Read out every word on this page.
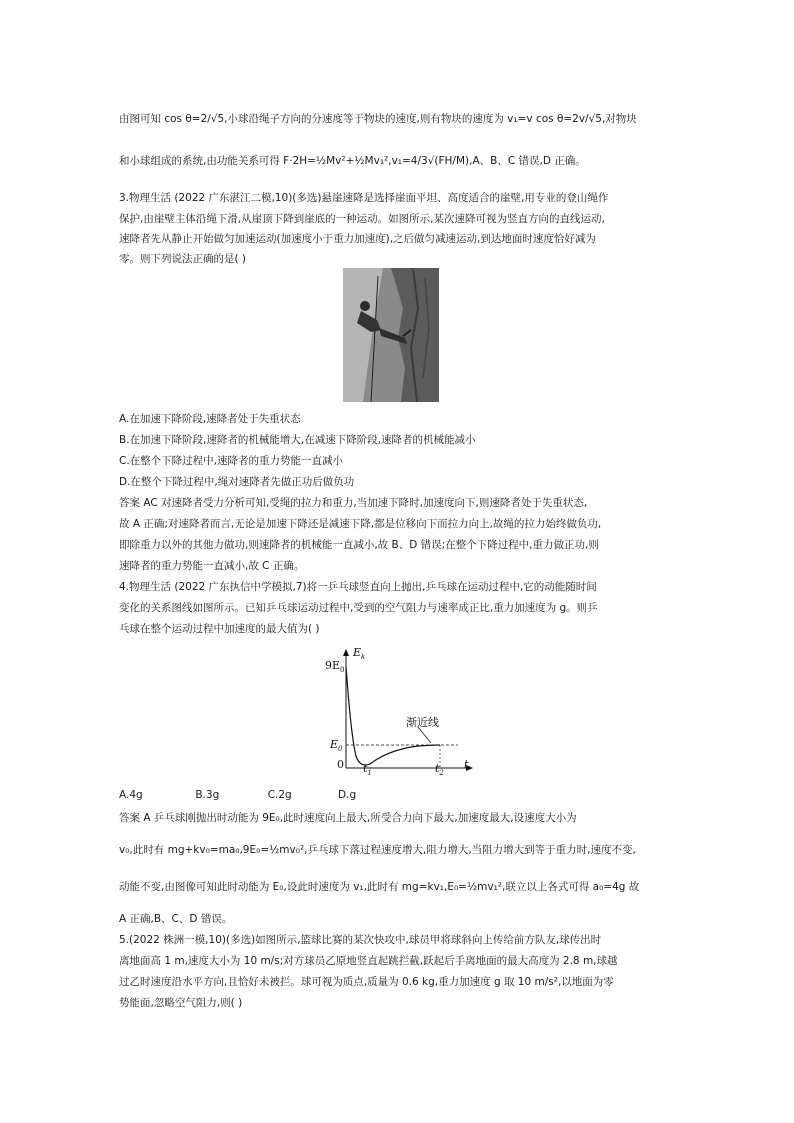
由图可知 cos θ=2/√5,小球沿绳子方向的分速度等于物块的速度,则有物块的速度为 v₁=v cos θ=2v/√5,对物块
和小球组成的系统,由功能关系可得 F·2H=½Mv²+½Mv₁²,v₁=4/3√(FH/M),A、B、C 错误,D 正确。
3.物理生活 (2022 广东湛江二模,10)(多选)悬崖速降是选择崖面平坦、高度适合的崖壁,用专业的登山绳作
保护,由崖壁主体沿绳下滑,从崖顶下降到崖底的一种运动。如图所示,某次速降可视为竖直方向的直线运动,
速降者先从静止开始做匀加速运动(加速度小于重力加速度),之后做匀减速运动,到达地面时速度恰好减为
零。则下列说法正确的是( )
A.在加速下降阶段,速降者处于失重状态
B.在加速下降阶段,速降者的机械能增大,在减速下降阶段,速降者的机械能减小
C.在整个下降过程中,速降者的重力势能一直减小
D.在整个下降过程中,绳对速降者先做正功后做负功
答案 AC 对速降者受力分析可知,受绳的拉力和重力,当加速下降时,加速度向下,则速降者处于失重状态,
故 A 正确;对速降者而言,无论是加速下降还是减速下降,都是位移向下而拉力向上,故绳的拉力始终做负功,
即除重力以外的其他力做功,则速降者的机械能一直减小,故 B、D 错误;在整个下降过程中,重力做正功,则
速降者的重力势能一直减小,故 C 正确。
4.物理生活 (2022 广东执信中学模拟,7)将一乒乓球竖直向上抛出,乒乓球在运动过程中,它的动能随时间
变化的关系图线如图所示。已知乒乓球运动过程中,受到的空气阻力与速率成正比,重力加速度为 g。则乒
乓球在整个运动过程中加速度的最大值为( )
$E_k$
$9E_0$
$E_0$
0	t
$t_1$	$t_2$
渐近线
A.4g	B.3g	C.2g	D.g
答案 A 乒乓球刚抛出时动能为 9E₀,此时速度向上最大,所受合力向下最大,加速度最大,设速度大小为
v₀,此时有 mg+kv₀=ma₀,9E₀=½mv₀²,乒乓球下落过程速度增大,阻力增大,当阻力增大到等于重力时,速度不变,
动能不变,由图像可知此时动能为 E₀,设此时速度为 v₁,此时有 mg=kv₁,E₀=½mv₁²,联立以上各式可得 a₀=4g 故
A 正确,B、C、D 错误。
5.(2022 株洲一模,10)(多选)如图所示,篮球比赛的某次快攻中,球员甲将球斜向上传给前方队友,球传出时
离地面高 1 m,速度大小为 10 m/s;对方球员乙原地竖直起跳拦截,跃起后手离地面的最大高度为 2.8 m,球越
过乙时速度沿水平方向,且恰好未被拦。球可视为质点,质量为 0.6 kg,重力加速度 g 取 10 m/s²,以地面为零
势能面,忽略空气阻力,则( )
